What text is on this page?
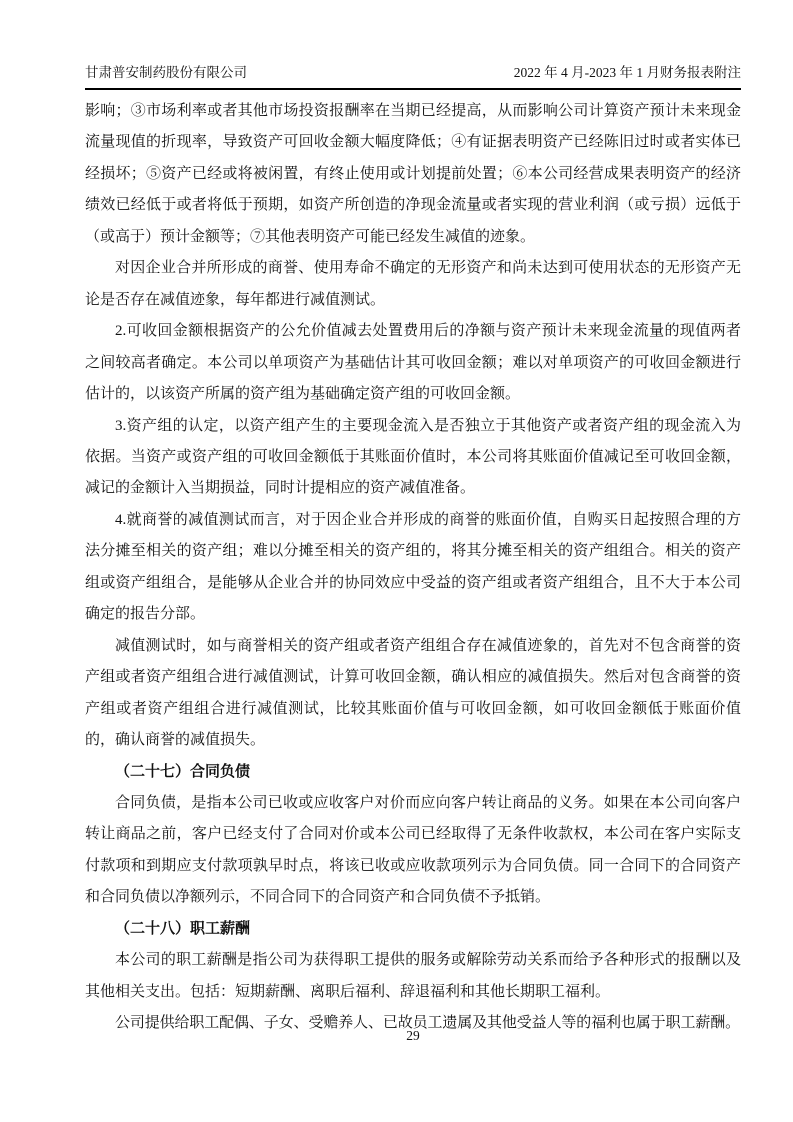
甘肃普安制药股份有限公司	2022 年 4 月-2023 年 1 月财务报表附注

影响；③市场利率或者其他市场投资报酬率在当期已经提高，从而影响公司计算资产预计未来现金流量现值的折现率，导致资产可回收金额大幅度降低；④有证据表明资产已经陈旧过时或者实体已经损坏；⑤资产已经或将被闲置，有终止使用或计划提前处置；⑥本公司经营成果表明资产的经济绩效已经低于或者将低于预期，如资产所创造的净现金流量或者实现的营业利润（或亏损）远低于（或高于）预计金额等；⑦其他表明资产可能已经发生减值的迹象。

对因企业合并所形成的商誉、使用寿命不确定的无形资产和尚未达到可使用状态的无形资产无论是否存在减值迹象，每年都进行减值测试。

2.可收回金额根据资产的公允价值减去处置费用后的净额与资产预计未来现金流量的现值两者之间较高者确定。本公司以单项资产为基础估计其可收回金额；难以对单项资产的可收回金额进行估计的，以该资产所属的资产组为基础确定资产组的可收回金额。

3.资产组的认定，以资产组产生的主要现金流入是否独立于其他资产或者资产组的现金流入为依据。当资产或资产组的可收回金额低于其账面价值时，本公司将其账面价值减记至可收回金额，减记的金额计入当期损益，同时计提相应的资产减值准备。

4.就商誉的减值测试而言，对于因企业合并形成的商誉的账面价值，自购买日起按照合理的方法分摊至相关的资产组；难以分摊至相关的资产组的，将其分摊至相关的资产组组合。相关的资产组或资产组组合，是能够从企业合并的协同效应中受益的资产组或者资产组组合，且不大于本公司确定的报告分部。

减值测试时，如与商誉相关的资产组或者资产组组合存在减值迹象的，首先对不包含商誉的资产组或者资产组组合进行减值测试，计算可收回金额，确认相应的减值损失。然后对包含商誉的资产组或者资产组组合进行减值测试，比较其账面价值与可收回金额，如可收回金额低于账面价值的，确认商誉的减值损失。

（二十七）合同负债

合同负债，是指本公司已收或应收客户对价而应向客户转让商品的义务。如果在本公司向客户转让商品之前，客户已经支付了合同对价或本公司已经取得了无条件收款权，本公司在客户实际支付款项和到期应支付款项孰早时点，将该已收或应收款项列示为合同负债。同一合同下的合同资产和合同负债以净额列示，不同合同下的合同资产和合同负债不予抵销。

（二十八）职工薪酬

本公司的职工薪酬是指公司为获得职工提供的服务或解除劳动关系而给予各种形式的报酬以及其他相关支出。包括：短期薪酬、离职后福利、辞退福利和其他长期职工福利。

公司提供给职工配偶、子女、受赡养人、已故员工遗属及其他受益人等的福利也属于职工薪酬。

29
